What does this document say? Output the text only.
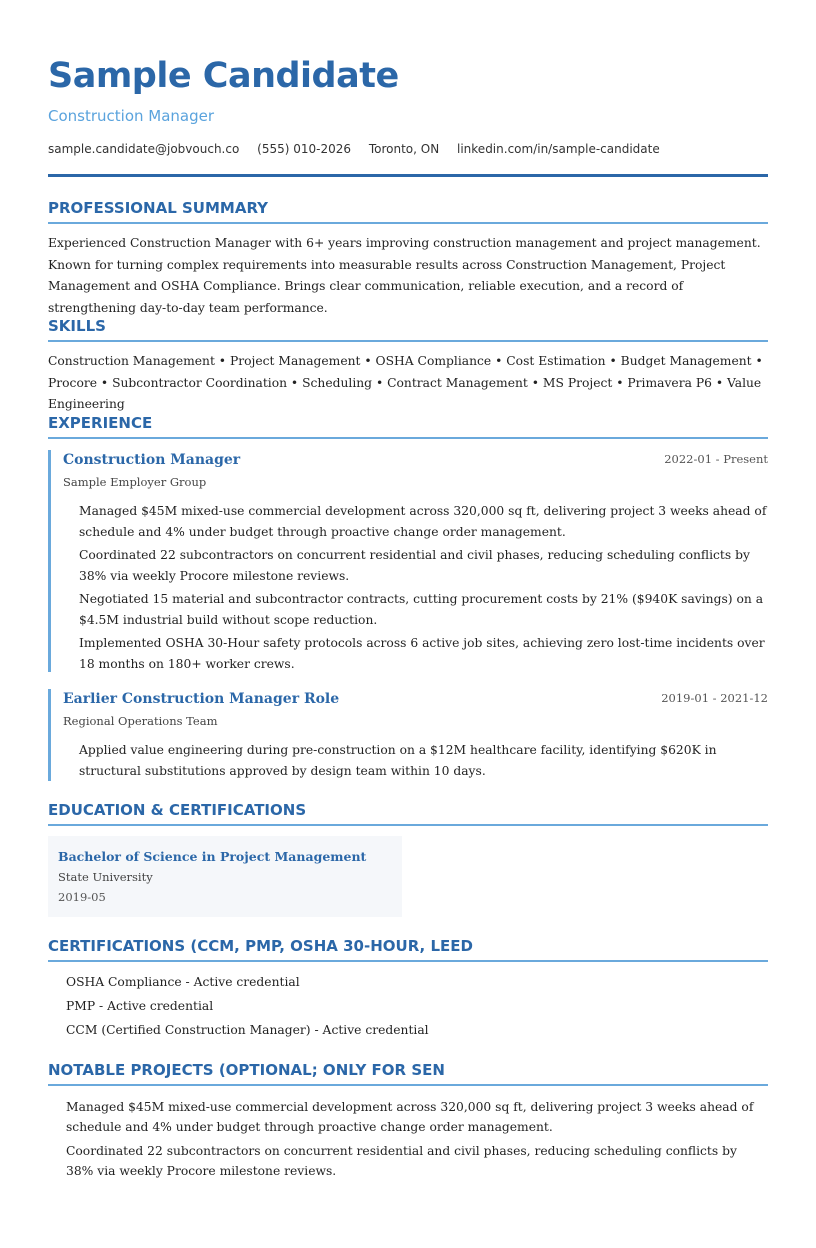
Sample Candidate
Construction Manager
sample.candidate@jobvouch.co (555) 010-2026 Toronto, ON linkedin.com/in/sample-candidate
PROFESSIONAL SUMMARY
Experienced Construction Manager with 6+ years improving construction management and project management. Known for turning complex requirements into measurable results across Construction Management, Project Management and OSHA Compliance. Brings clear communication, reliable execution, and a record of strengthening day-to-day team performance.
SKILLS
Construction Management • Project Management • OSHA Compliance • Cost Estimation • Budget Management • Procore • Subcontractor Coordination • Scheduling • Contract Management • MS Project • Primavera P6 • Value Engineering
EXPERIENCE
Construction Manager	2022-01 - Present
Sample Employer Group
Managed $45M mixed-use commercial development across 320,000 sq ft, delivering project 3 weeks ahead of schedule and 4% under budget through proactive change order management.
Coordinated 22 subcontractors on concurrent residential and civil phases, reducing scheduling conflicts by 38% via weekly Procore milestone reviews.
Negotiated 15 material and subcontractor contracts, cutting procurement costs by 21% ($940K savings) on a $4.5M industrial build without scope reduction.
Implemented OSHA 30-Hour safety protocols across 6 active job sites, achieving zero lost-time incidents over 18 months on 180+ worker crews.
Earlier Construction Manager Role	2019-01 - 2021-12
Regional Operations Team
Applied value engineering during pre-construction on a $12M healthcare facility, identifying $620K in structural substitutions approved by design team within 10 days.
EDUCATION & CERTIFICATIONS
Bachelor of Science in Project Management
State University
2019-05
CERTIFICATIONS (CCM, PMP, OSHA 30-HOUR, LEED
OSHA Compliance - Active credential
PMP - Active credential
CCM (Certified Construction Manager) - Active credential
NOTABLE PROJECTS (OPTIONAL; ONLY FOR SEN
Managed $45M mixed-use commercial development across 320,000 sq ft, delivering project 3 weeks ahead of schedule and 4% under budget through proactive change order management.
Coordinated 22 subcontractors on concurrent residential and civil phases, reducing scheduling conflicts by 38% via weekly Procore milestone reviews.
